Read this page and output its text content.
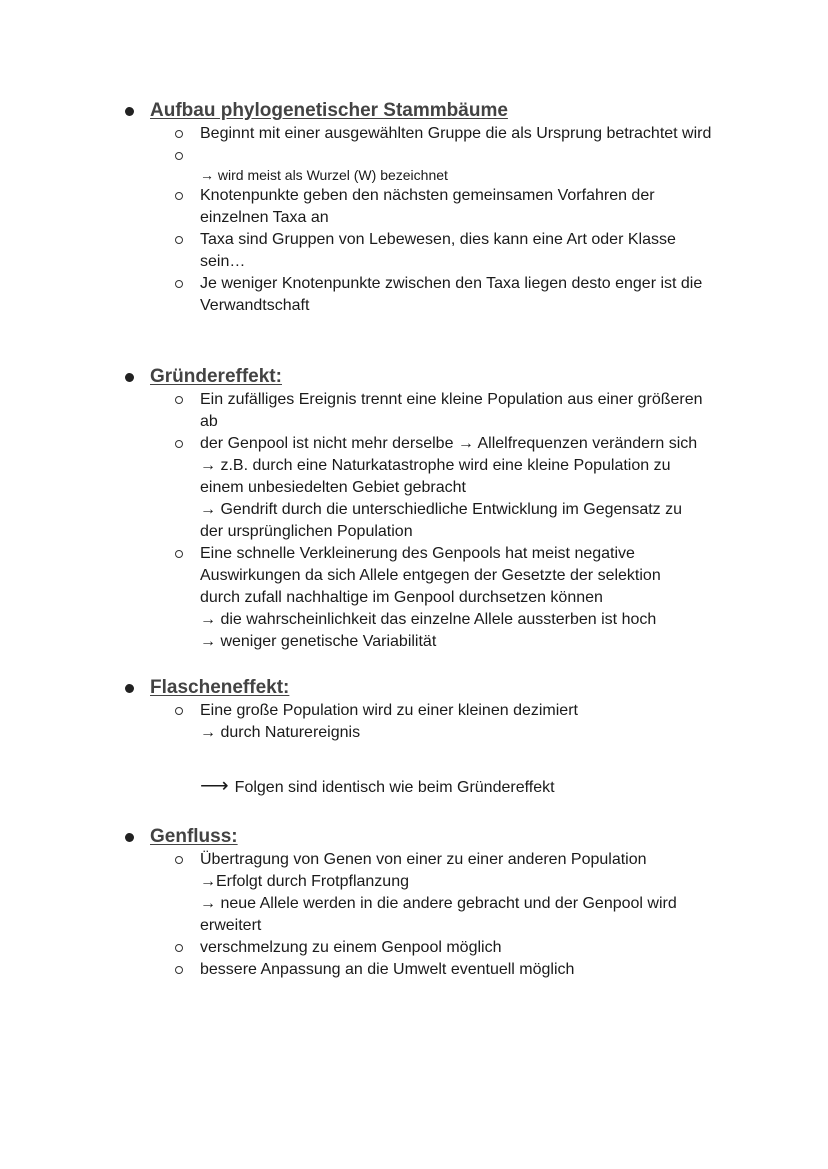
Aufbau phylogenetischer Stammbäume
Beginnt mit einer ausgewählten Gruppe die als Ursprung betrachtet wird
→ wird meist als Wurzel (W) bezeichnet
Knotenpunkte geben den nächsten gemeinsamen Vorfahren der
einzelnen Taxa an
Taxa sind Gruppen von Lebewesen, dies kann eine Art oder Klasse
sein…
Je weniger Knotenpunkte zwischen den Taxa liegen desto enger ist die
Verwandtschaft
Gründereffekt:
Ein zufälliges Ereignis trennt eine kleine Population aus einer größeren
ab
der Genpool ist nicht mehr derselbe → Allelfrequenzen verändern sich
→ z.B. durch eine Naturkatastrophe wird eine kleine Population zu
einem unbesiedelten Gebiet gebracht
→ Gendrift durch die unterschiedliche Entwicklung im Gegensatz zu
der ursprünglichen Population
Eine schnelle Verkleinerung des Genpools hat meist negative
Auswirkungen da sich Allele entgegen der Gesetzte der selektion
durch zufall nachhaltige im Genpool durchsetzen können
→ die wahrscheinlichkeit das einzelne Allele aussterben ist hoch
→ weniger genetische Variabilität
Flascheneffekt:
Eine große Population wird zu einer kleinen dezimiert
→ durch Naturereignis
⟶ Folgen sind identisch wie beim Gründereffekt
Genfluss:
Übertragung von Genen von einer zu einer anderen Population
→Erfolgt durch Frotpflanzung
→ neue Allele werden in die andere gebracht und der Genpool wird
erweitert
verschmelzung zu einem Genpool möglich
bessere Anpassung an die Umwelt eventuell möglich
